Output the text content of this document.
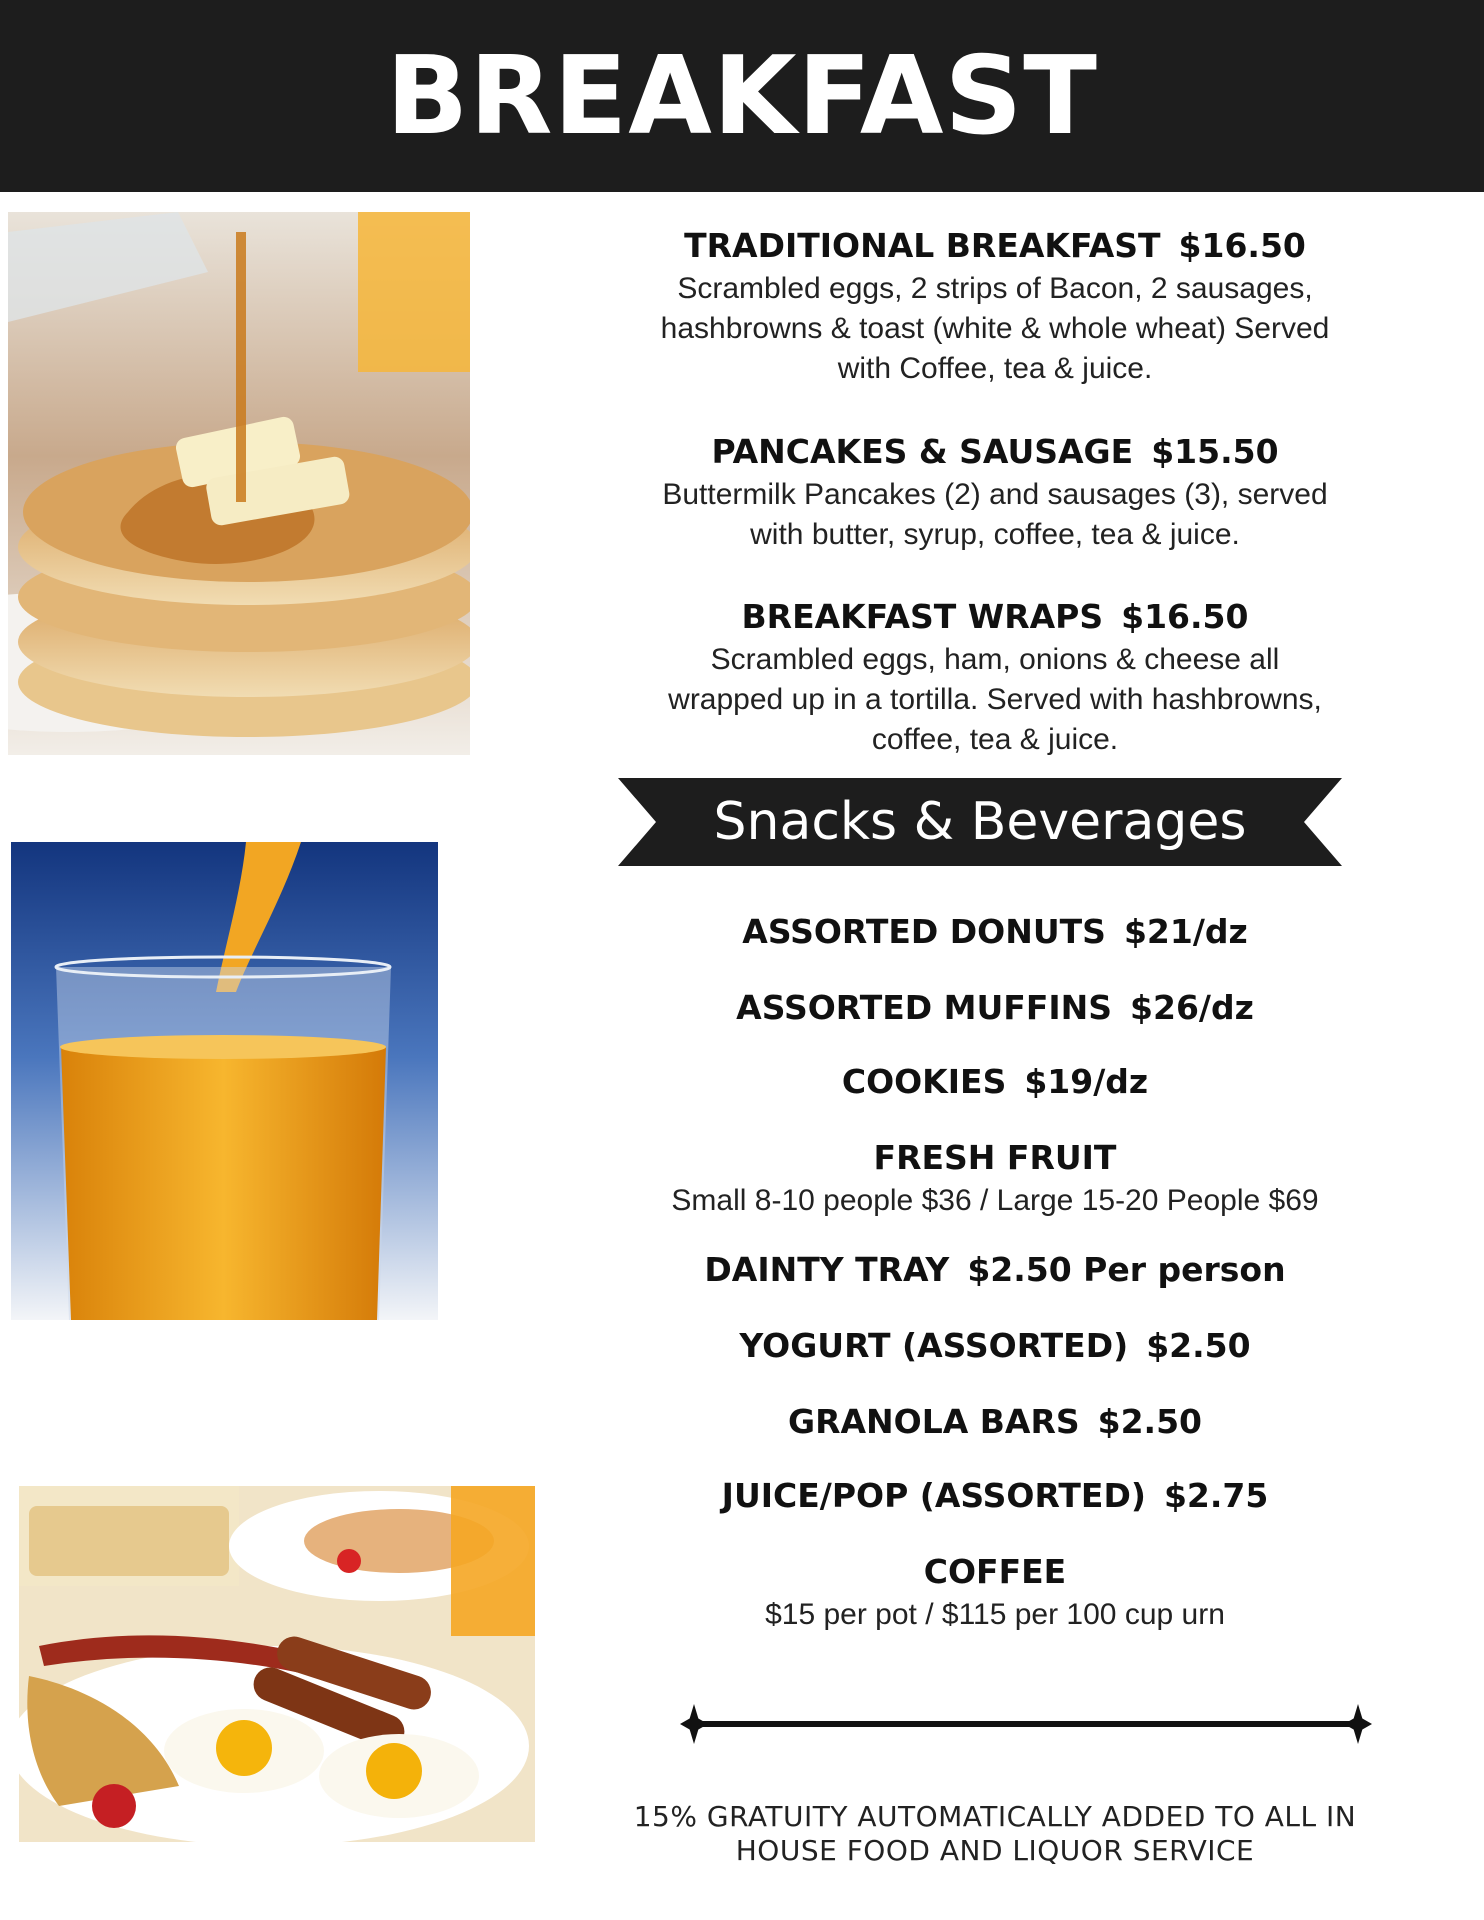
BREAKFAST
TRADITIONAL BREAKFAST $16.50
Scrambled eggs, 2 strips of Bacon, 2 sausages, hashbrowns & toast (white & whole wheat) Served with Coffee, tea & juice.
PANCAKES & SAUSAGE $15.50
Buttermilk Pancakes (2) and sausages (3), served with butter, syrup, coffee, tea & juice.
BREAKFAST WRAPS $16.50
Scrambled eggs, ham, onions & cheese all wrapped up in a tortilla. Served with hashbrowns, coffee, tea & juice.
Snacks & Beverages
ASSORTED DONUTS $21/dz
ASSORTED MUFFINS $26/dz
COOKIES $19/dz
FRESH FRUIT
Small 8-10 people $36 / Large 15-20 People $69
DAINTY TRAY $2.50 Per person
YOGURT (ASSORTED) $2.50
GRANOLA BARS $2.50
JUICE/POP (ASSORTED) $2.75
COFFEE
$15 per pot / $115 per 100 cup urn
15% GRATUITY AUTOMATICALLY ADDED TO ALL IN HOUSE FOOD AND LIQUOR SERVICE
